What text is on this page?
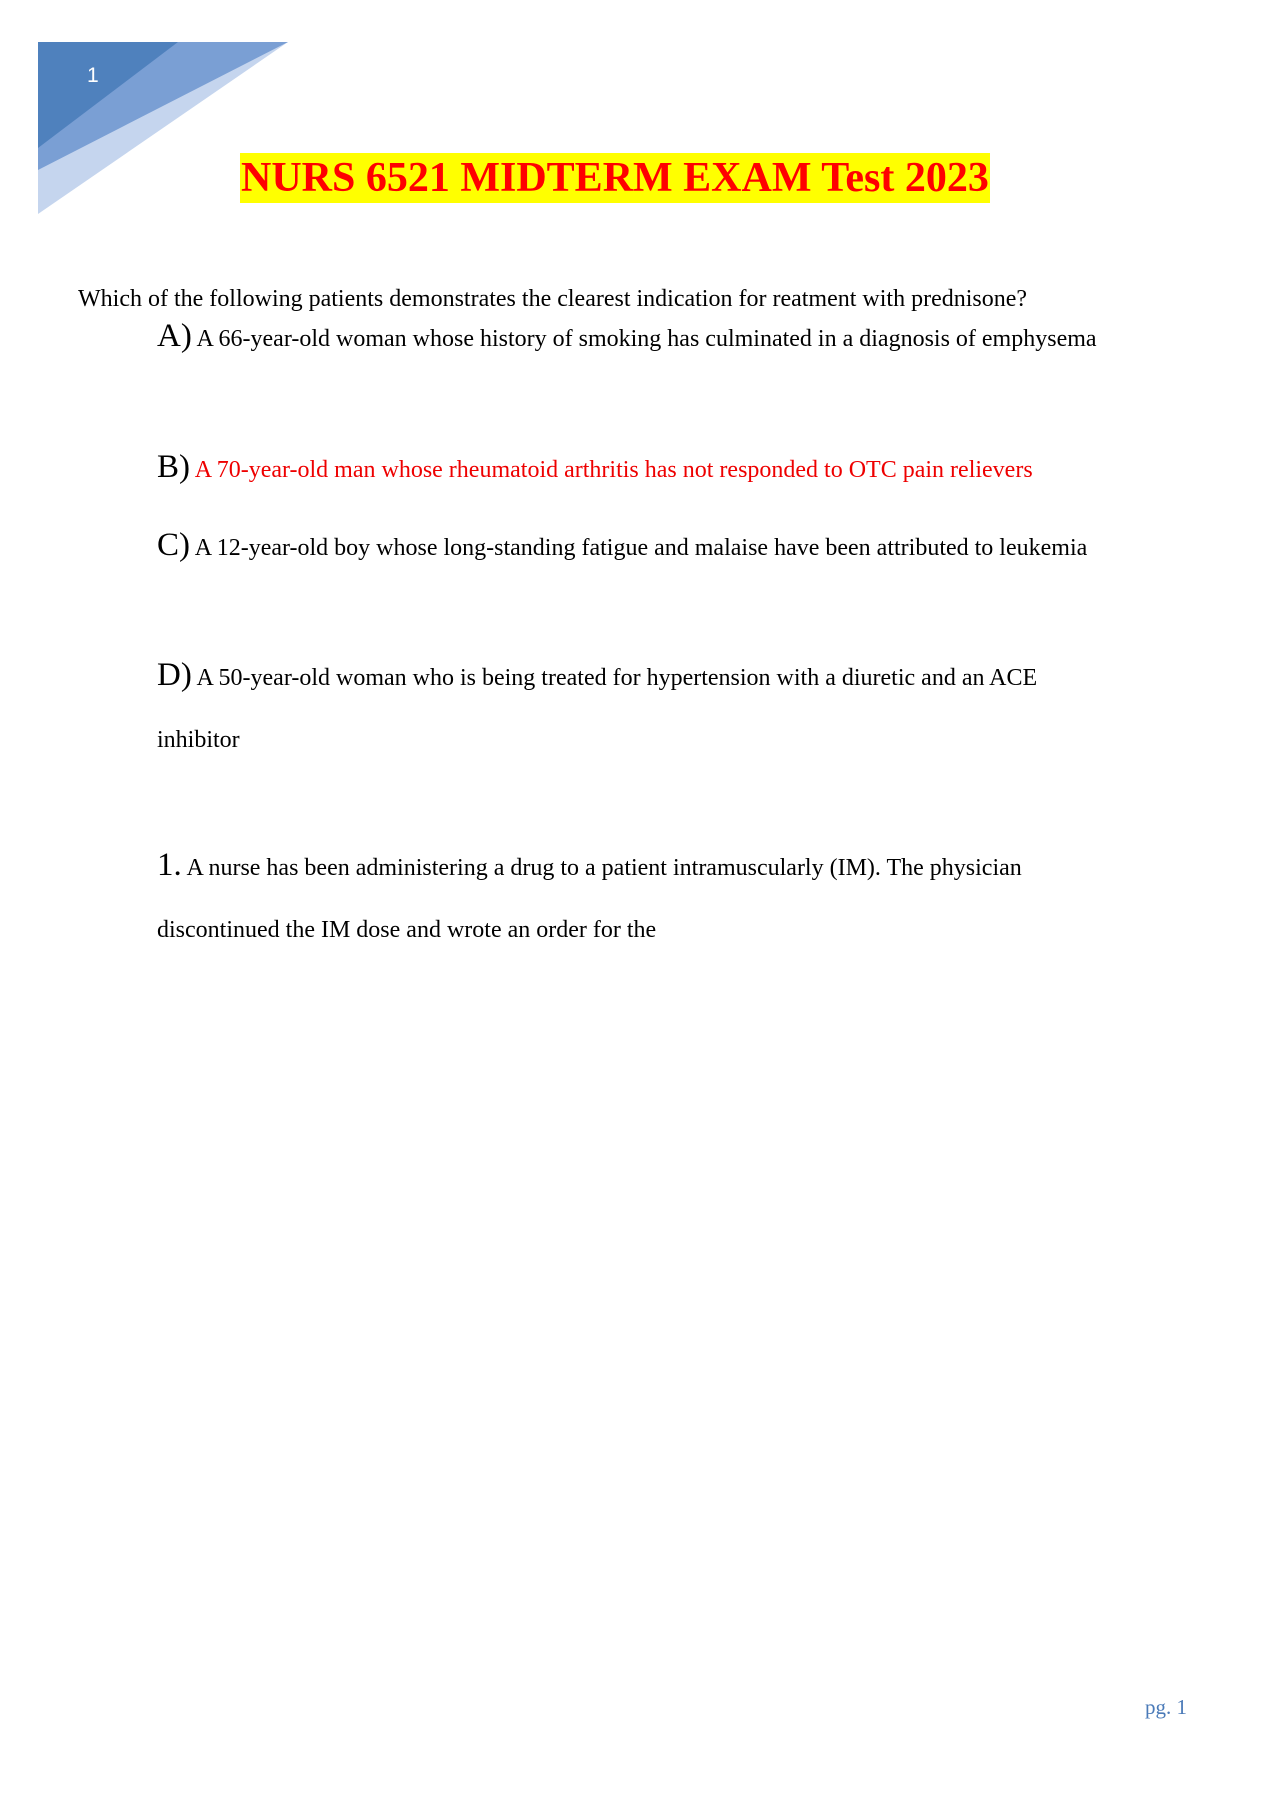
1
NURS 6521 MIDTERM EXAM Test 2023
Which of the following patients demonstrates the clearest indication for reatment with prednisone?
A) A 66-year-old woman whose history of smoking has culminated in a diagnosis of emphysema
B) A 70-year-old man whose rheumatoid arthritis has not responded to OTC pain relievers
C) A 12-year-old boy whose long-standing fatigue and malaise have been attributed to leukemia
D) A 50-year-old woman who is being treated for hypertension with a diuretic and an ACE inhibitor
1. A nurse has been administering a drug to a patient intramuscularly (IM). The physician discontinued the IM dose and wrote an order for the
pg. 1
